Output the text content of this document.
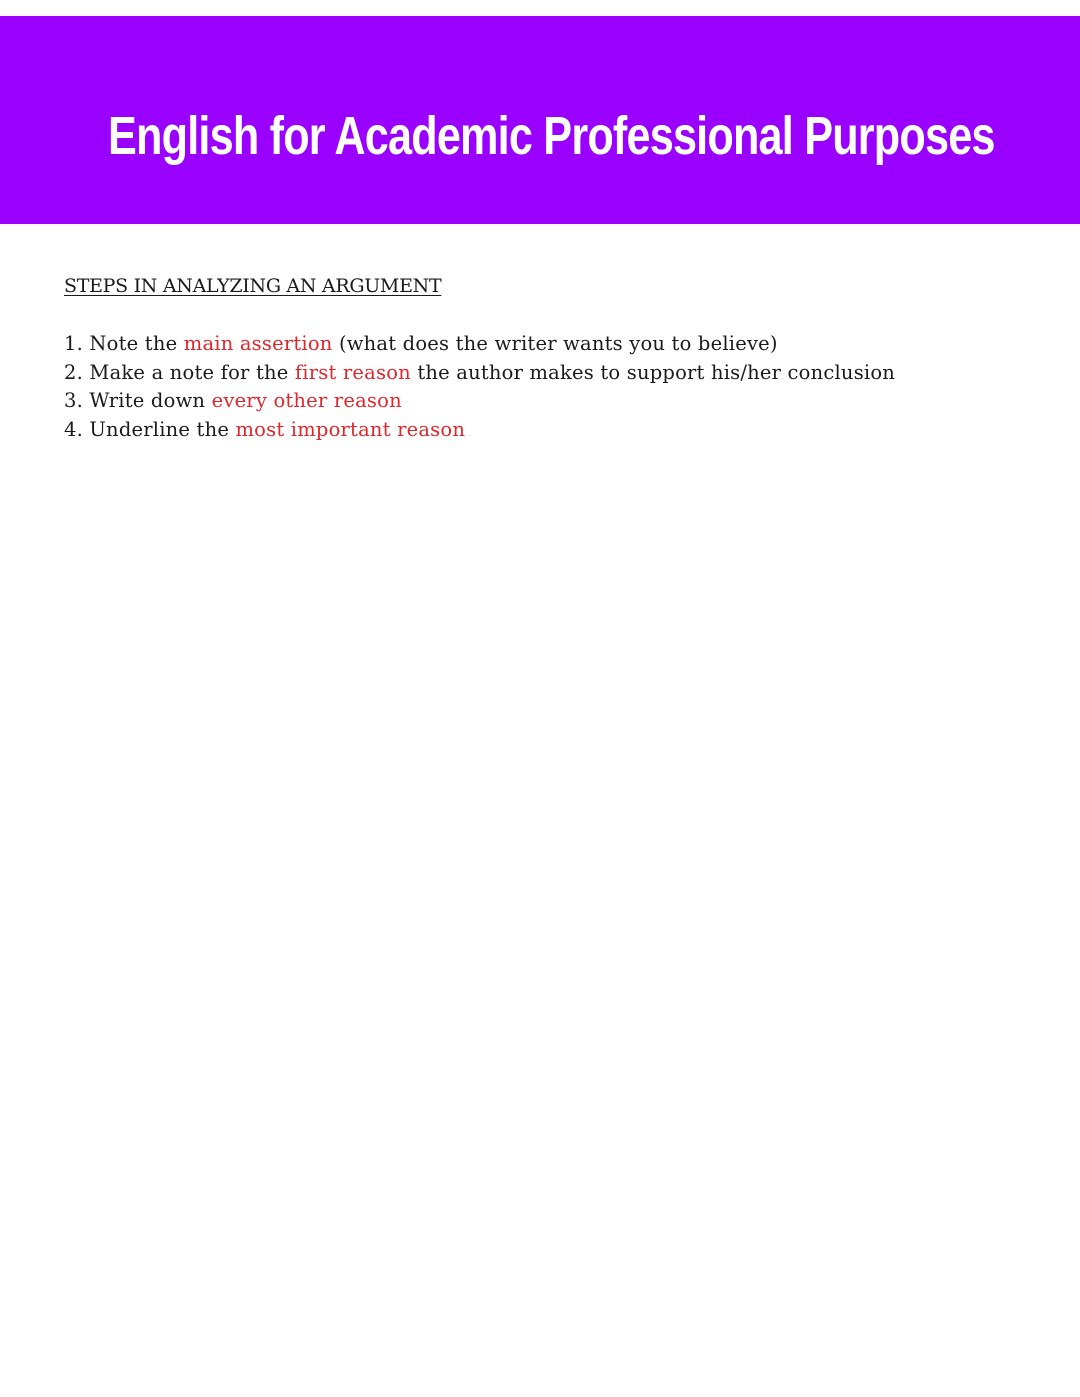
English for Academic Professional Purposes
STEPS IN ANALYZING AN ARGUMENT
1. Note the main assertion (what does the writer wants you to believe)
2. Make a note for the first reason the author makes to support his/her conclusion
3. Write down every other reason
4. Underline the most important reason
